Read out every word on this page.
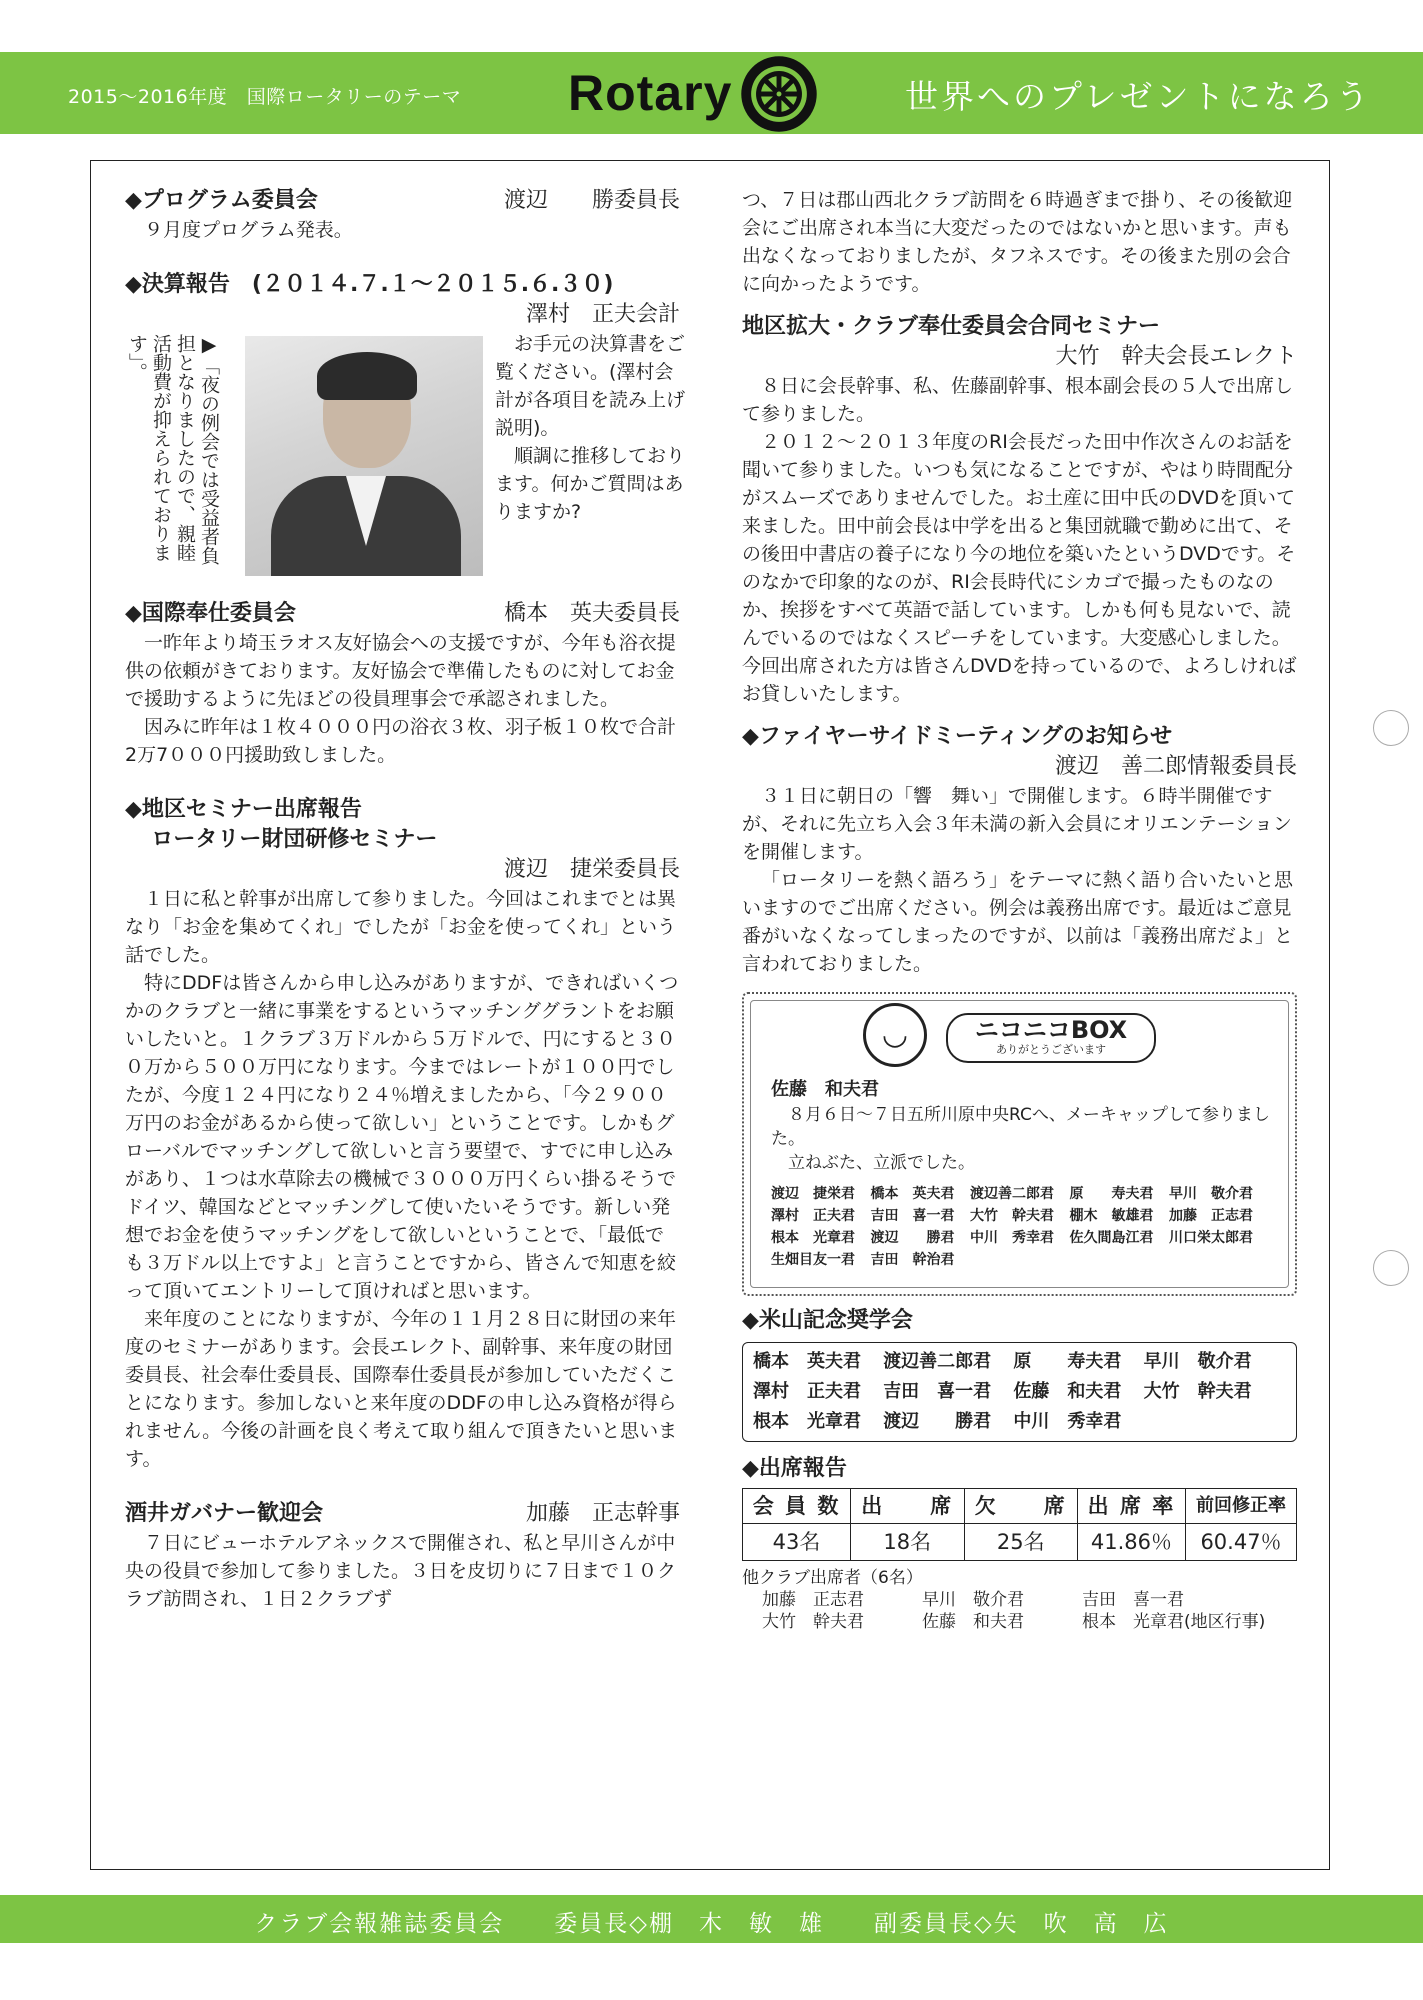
2015～2016年度　国際ロータリーのテーマ Rotary	世界へのプレゼントになろう
◆プログラム委員会	渡辺　　勝委員長
９月度プログラム発表。
◆決算報告　(２０１４.７.１～２０１５.６.３０)
澤村　正夫会計
▶「夜の例会では受益者負担となりましたので、親睦活動費が抑えられております」。	お手元の決算書をご覧ください。(澤村会計が各項目を読み上げ説明)。
順調に推移しております。何かご質問はありますか?
◆国際奉仕委員会	橋本　英夫委員長
一昨年より埼玉ラオス友好協会への支援ですが、今年も浴衣提供の依頼がきております。友好協会で準備したものに対してお金で援助するように先ほどの役員理事会で承認されました。
因みに昨年は１枚４０００円の浴衣３枚、羽子板１０枚で合計2万7０００円援助致しました。
◆地区セミナー出席報告
ロータリー財団研修セミナー
渡辺　捷栄委員長
１日に私と幹事が出席して参りました。今回はこれまでとは異なり「お金を集めてくれ」でしたが「お金を使ってくれ」という話でした。
特にDDFは皆さんから申し込みがありますが、できればいくつかのクラブと一緒に事業をするというマッチンググラントをお願いしたいと。１クラブ３万ドルから５万ドルで、円にすると３００万から５００万円になります。今まではレートが１００円でしたが、今度１２４円になり２４％増えましたから、「今２９００万円のお金があるから使って欲しい」ということです。しかもグローバルでマッチングして欲しいと言う要望で、すでに申し込みがあり、１つは水草除去の機械で３０００万円くらい掛るそうでドイツ、韓国などとマッチングして使いたいそうです。新しい発想でお金を使うマッチングをして欲しいということで、「最低でも３万ドル以上ですよ」と言うことですから、皆さんで知恵を絞って頂いてエントリーして頂ければと思います。
来年度のことになりますが、今年の１１月２８日に財団の来年度のセミナーがあります。会長エレクト、副幹事、来年度の財団委員長、社会奉仕委員長、国際奉仕委員長が参加していただくことになります。参加しないと来年度のDDFの申し込み資格が得られません。今後の計画を良く考えて取り組んで頂きたいと思います。
酒井ガバナー歓迎会	加藤　正志幹事
７日にビューホテルアネックスで開催され、私と早川さんが中央の役員で参加して参りました。３日を皮切りに７日まで１０クラブ訪問され、１日２クラブず
つ、７日は郡山西北クラブ訪問を６時過ぎまで掛り、その後歓迎会にご出席され本当に大変だったのではないかと思います。声も出なくなっておりましたが、タフネスです。その後また別の会合に向かったようです。
地区拡大・クラブ奉仕委員会合同セミナー
大竹　幹夫会長エレクト
８日に会長幹事、私、佐藤副幹事、根本副会長の５人で出席して参りました。
２０１２～２０１３年度のRI会長だった田中作次さんのお話を聞いて参りました。いつも気になることですが、やはり時間配分がスムーズでありませんでした。お土産に田中氏のDVDを頂いて来ました。田中前会長は中学を出ると集団就職で勤めに出て、その後田中書店の養子になり今の地位を築いたというDVDです。そのなかで印象的なのが、RI会長時代にシカゴで撮ったものなのか、挨拶をすべて英語で話しています。しかも何も見ないで、読んでいるのではなくスピーチをしています。大変感心しました。今回出席された方は皆さんDVDを持っているので、よろしければお貸しいたします。
◆ファイヤーサイドミーティングのお知らせ
渡辺　善二郎情報委員長
３１日に朝日の「響　舞い」で開催します。６時半開催ですが、それに先立ち入会３年未満の新入会員にオリエンテーションを開催します。
「ロータリーを熱く語ろう」をテーマに熱く語り合いたいと思いますのでご出席ください。例会は義務出席です。最近はご意見番がいなくなってしまったのですが、以前は「義務出席だよ」と言われておりました。
◡	ニコニコBOX
ありがとうございます
佐藤　和夫君
８月６日～７日五所川原中央RCへ、メーキャップして参りました。
立ねぶた、立派でした。
渡辺　捷栄君	橋本　英夫君	渡辺善二郎君	原　　寿夫君	早川　敬介君
澤村　正夫君	吉田　喜一君	大竹　幹夫君	棚木　敏雄君	加藤　正志君
根本　光章君	渡辺　　勝君	中川　秀幸君	佐久間島江君	川口栄太郎君
生畑目友一君	吉田　幹治君
◆米山記念奨学会
橋本　英夫君	渡辺善二郎君	原　　寿夫君	早川　敬介君
澤村　正夫君	吉田　喜一君	佐藤　和夫君	大竹　幹夫君
根本　光章君	渡辺　　勝君	中川　秀幸君
◆出席報告
会 員 数	出　　席	欠　　席	出 席 率	前回修正率
43名	18名	25名	41.86％	60.47％
他クラブ出席者（6名）
加藤　正志君	早川　敬介君	吉田　喜一君
大竹　幹夫君	佐藤　和夫君	根本　光章君(地区行事)
クラブ会報雑誌委員会　　委員長◇棚　木　敏　雄　　副委員長◇矢　吹　高　広
